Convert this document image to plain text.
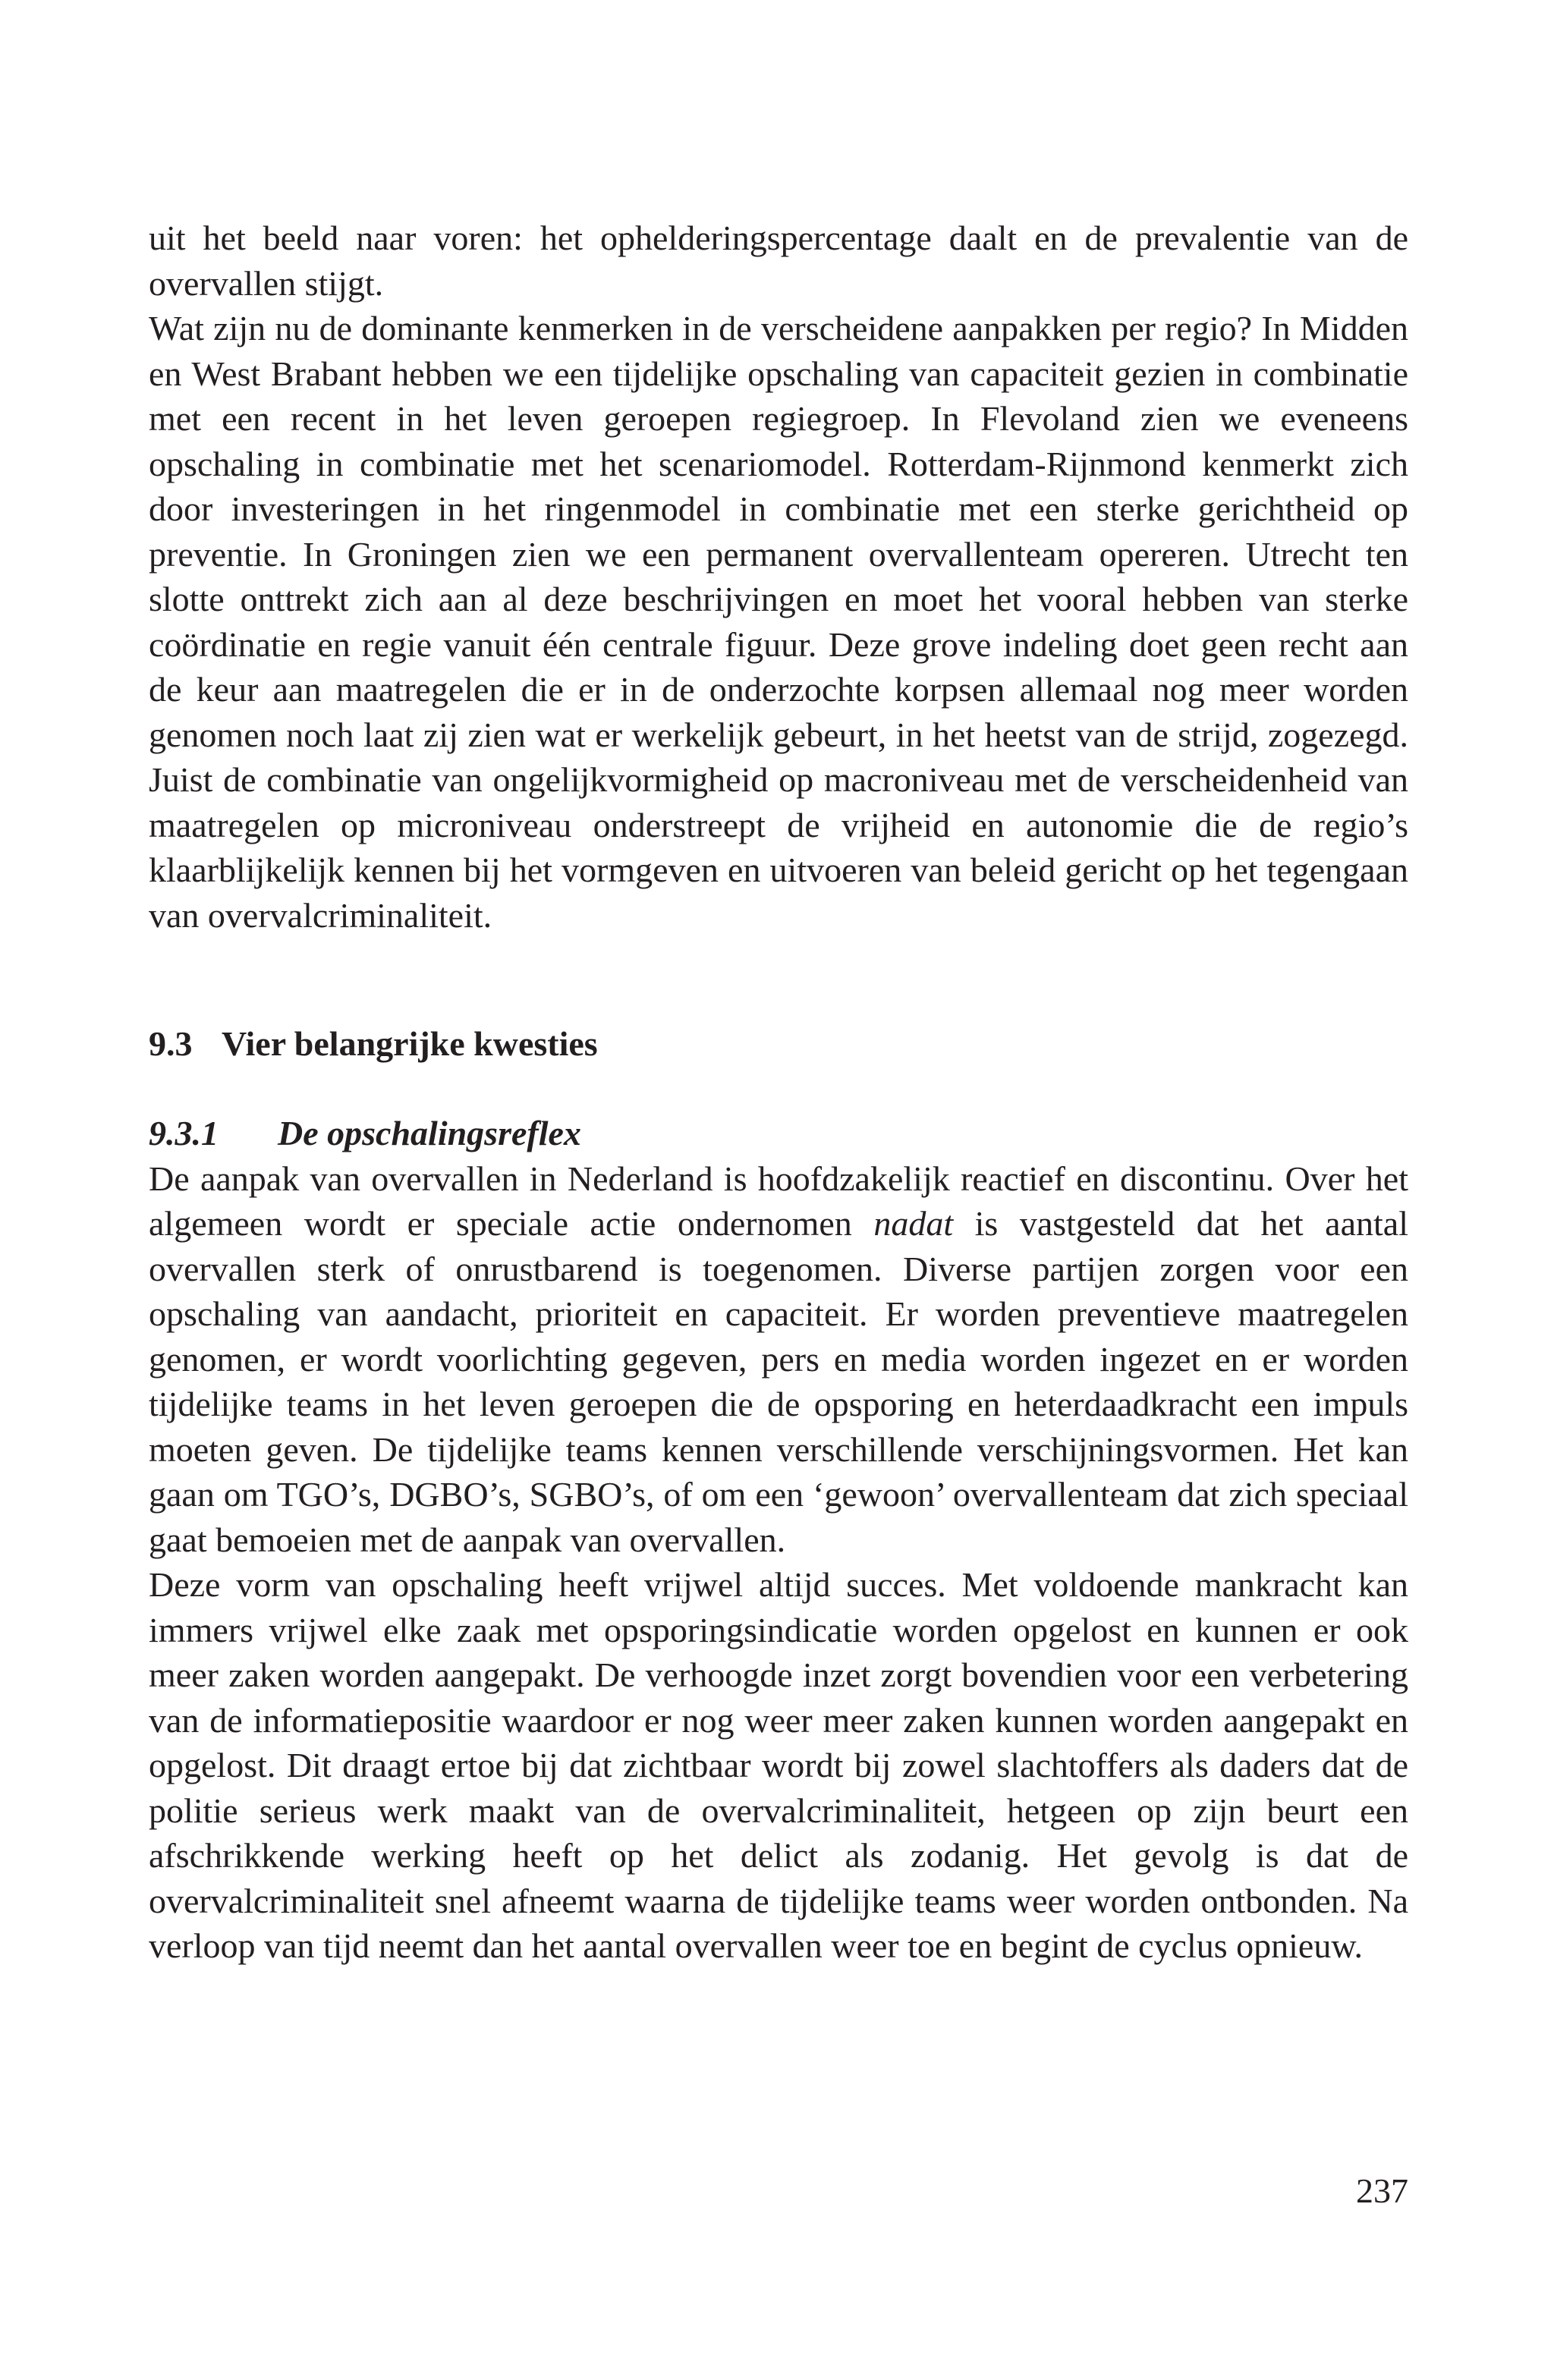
uit het beeld naar voren: het ophelderingspercentage daalt en de prevalentie van de overvallen stijgt.

Wat zijn nu de dominante kenmerken in de verscheidene aanpakken per regio? In Midden en West Brabant hebben we een tijdelijke opschaling van capaciteit gezien in combinatie met een recent in het leven geroepen regiegroep. In Flevoland zien we eveneens opschaling in combinatie met het scenariomodel. Rotterdam-Rijnmond kenmerkt zich door investeringen in het ringenmodel in combinatie met een sterke gerichtheid op preventie. In Groningen zien we een permanent overvallenteam opereren. Utrecht ten slotte onttrekt zich aan al deze beschrijvingen en moet het vooral hebben van sterke coördinatie en regie vanuit één centrale figuur. Deze grove indeling doet geen recht aan de keur aan maatregelen die er in de onderzochte korpsen allemaal nog meer worden genomen noch laat zij zien wat er werkelijk gebeurt, in het heetst van de strijd, zogezegd. Juist de combinatie van ongelijkvormigheid op macroniveau met de verscheidenheid van maatregelen op microniveau onderstreept de vrijheid en autonomie die de regio’s klaarblijkelijk kennen bij het vormgeven en uitvoeren van beleid gericht op het tegengaan van overvalcriminaliteit.

9.3 Vier belangrijke kwesties
9.3.1 De opschalingsreflex

De aanpak van overvallen in Nederland is hoofdzakelijk reactief en discontinu. Over het algemeen wordt er speciale actie ondernomen nadat is vastgesteld dat het aantal overvallen sterk of onrustbarend is toegenomen. Diverse partijen zorgen voor een opschaling van aandacht, prioriteit en capaciteit. Er worden preventieve maatregelen genomen, er wordt voorlichting gegeven, pers en media worden ingezet en er worden tijdelijke teams in het leven geroepen die de opsporing en heterdaadkracht een impuls moeten geven. De tijdelijke teams kennen verschillende verschijningsvormen. Het kan gaan om TGO’s, DGBO’s, SGBO’s, of om een ‘gewoon’ overvallenteam dat zich speciaal gaat bemoeien met de aanpak van overvallen.

Deze vorm van opschaling heeft vrijwel altijd succes. Met voldoende mankracht kan immers vrijwel elke zaak met opsporingsindicatie worden opgelost en kunnen er ook meer zaken worden aangepakt. De verhoogde inzet zorgt bovendien voor een verbetering van de informatiepositie waardoor er nog weer meer zaken kunnen worden aangepakt en opgelost. Dit draagt ertoe bij dat zichtbaar wordt bij zowel slachtoffers als daders dat de politie serieus werk maakt van de overvalcriminaliteit, hetgeen op zijn beurt een afschrikkende werking heeft op het delict als zodanig. Het gevolg is dat de overvalcriminaliteit snel afneemt waarna de tijdelijke teams weer worden ontbonden. Na verloop van tijd neemt dan het aantal overvallen weer toe en begint de cyclus opnieuw.

237
